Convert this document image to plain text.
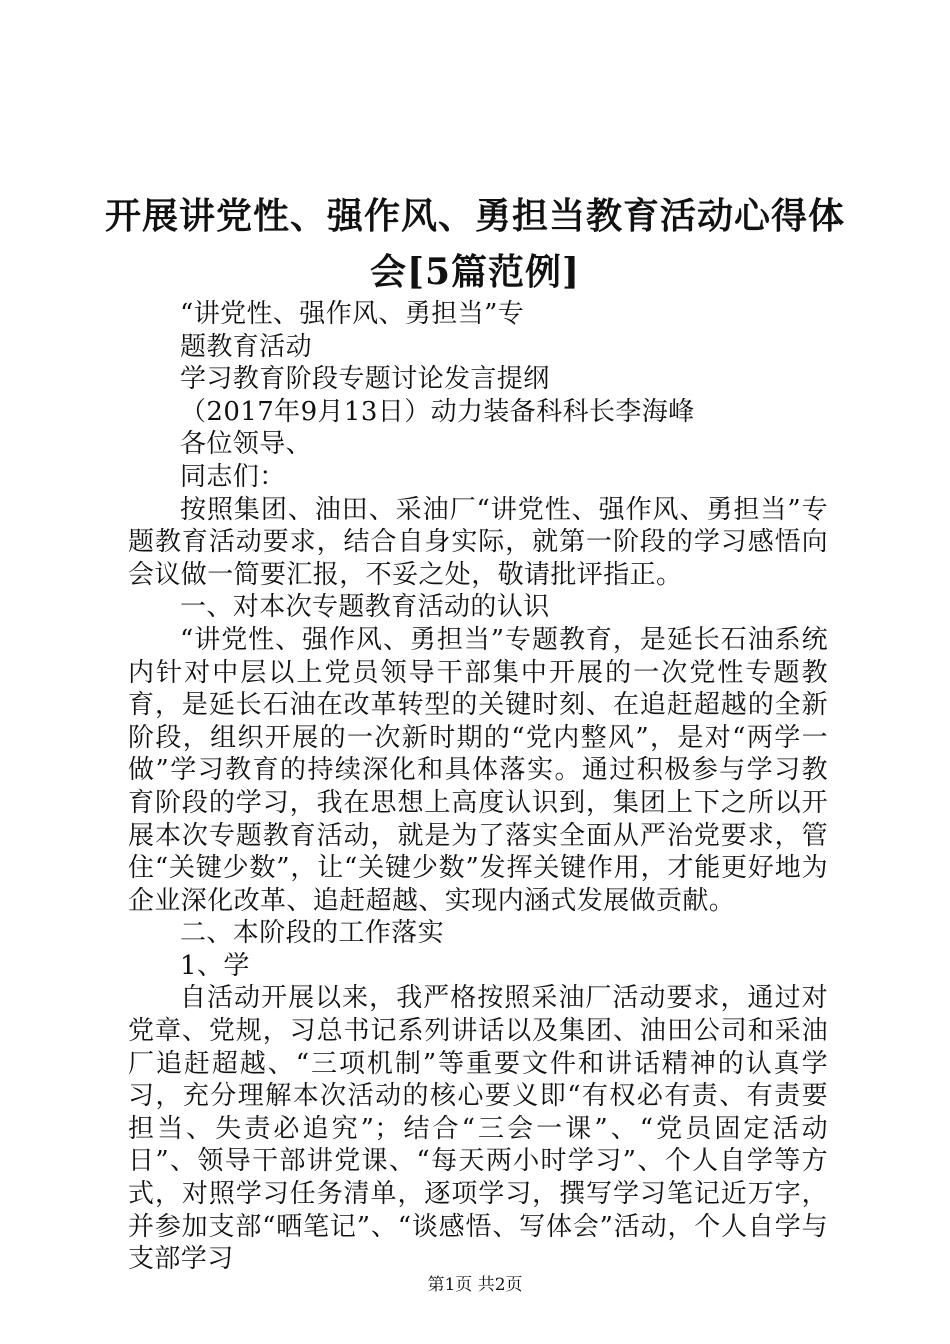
开展讲党性、强作风、勇担当教育活动心得体
会[5篇范例]

“讲党性、强作风、勇担当”专

题教育活动

学习教育阶段专题讨论发言提纲

（2017年9月13日）动力装备科科长李海峰

各位领导、

同志们：

按照集团、油田、采油厂“讲党性、强作风、勇担当”专题教育活动要求，结合自身实际，就第一阶段的学习感悟向会议做一简要汇报，不妥之处，敬请批评指正。

一、对本次专题教育活动的认识

“讲党性、强作风、勇担当”专题教育，是延长石油系统内针对中层以上党员领导干部集中开展的一次党性专题教育，是延长石油在改革转型的关键时刻、在追赶超越的全新阶段，组织开展的一次新时期的“党内整风”，是对“两学一做”学习教育的持续深化和具体落实。通过积极参与学习教育阶段的学习，我在思想上高度认识到，集团上下之所以开展本次专题教育活动，就是为了落实全面从严治党要求，管住“关键少数”，让“关键少数”发挥关键作用，才能更好地为企业深化改革、追赶超越、实现内涵式发展做贡献。

二、本阶段的工作落实

1、学

自活动开展以来，我严格按照采油厂活动要求，通过对党章、党规，习总书记系列讲话以及集团、油田公司和采油厂追赶超越、“三项机制”等重要文件和讲话精神的认真学习，充分理解本次活动的核心要义即“有权必有责、有责要担当、失责必追究”；结合“三会一课”、“党员固定活动日”、领导干部讲党课、“每天两小时学习”、个人自学等方式，对照学习任务清单，逐项学习，撰写学习笔记近万字，并参加支部“晒笔记”、“谈感悟、写体会”活动，个人自学与支部学习

第1页 共2页
